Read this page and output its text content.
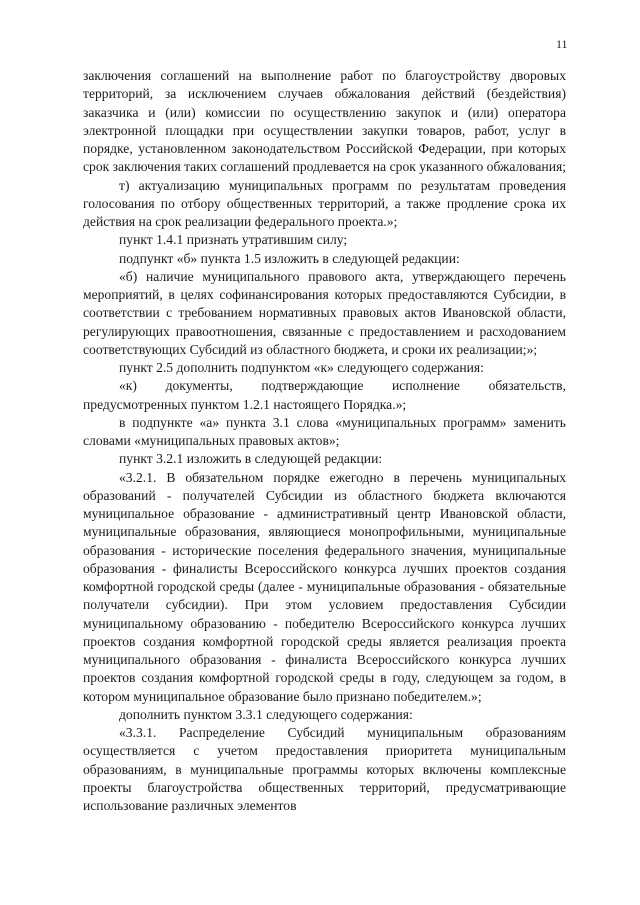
11

заключения соглашений на выполнение работ по благоустройству дворовых территорий, за исключением случаев обжалования действий (бездействия) заказчика и (или) комиссии по осуществлению закупок и (или) оператора электронной площадки при осуществлении закупки товаров, работ, услуг в порядке, установленном законодательством Российской Федерации, при которых срок заключения таких соглашений продлевается на срок указанного обжалования;

т) актуализацию муниципальных программ по результатам проведения голосования по отбору общественных территорий, а также продление срока их действия на срок реализации федерального проекта.»;

пункт 1.4.1 признать утратившим силу;

подпункт «б» пункта 1.5 изложить в следующей редакции:

«б) наличие муниципального правового акта, утверждающего перечень мероприятий, в целях софинансирования которых предоставляются Субсидии, в соответствии с требованием нормативных правовых актов Ивановской области, регулирующих правоотношения, связанные с предоставлением и расходованием соответствующих Субсидий из областного бюджета, и сроки их реализации;»;

пункт 2.5 дополнить подпунктом «к» следующего содержания:

«к) документы, подтверждающие исполнение обязательств, предусмотренных пунктом 1.2.1 настоящего Порядка.»;

в подпункте «а» пункта 3.1 слова «муниципальных программ» заменить словами «муниципальных правовых актов»;

пункт 3.2.1 изложить в следующей редакции:

«3.2.1. В обязательном порядке ежегодно в перечень муниципальных образований - получателей Субсидии из областного бюджета включаются муниципальное образование - административный центр Ивановской области, муниципальные образования, являющиеся монопрофильными, муниципальные образования - исторические поселения федерального значения, муниципальные образования - финалисты Всероссийского конкурса лучших проектов создания комфортной городской среды (далее - муниципальные образования - обязательные получатели субсидии). При этом условием предоставления Субсидии муниципальному образованию - победителю Всероссийского конкурса лучших проектов создания комфортной городской среды является реализация проекта муниципального образования - финалиста Всероссийского конкурса лучших проектов создания комфортной городской среды в году, следующем за годом, в котором муниципальное образование было признано победителем.»;

дополнить пунктом 3.3.1 следующего содержания:

«3.3.1. Распределение Субсидий муниципальным образованиям осуществляется с учетом предоставления приоритета муниципальным образованиям, в муниципальные программы которых включены комплексные проекты благоустройства общественных территорий, предусматривающие использование различных элементов
